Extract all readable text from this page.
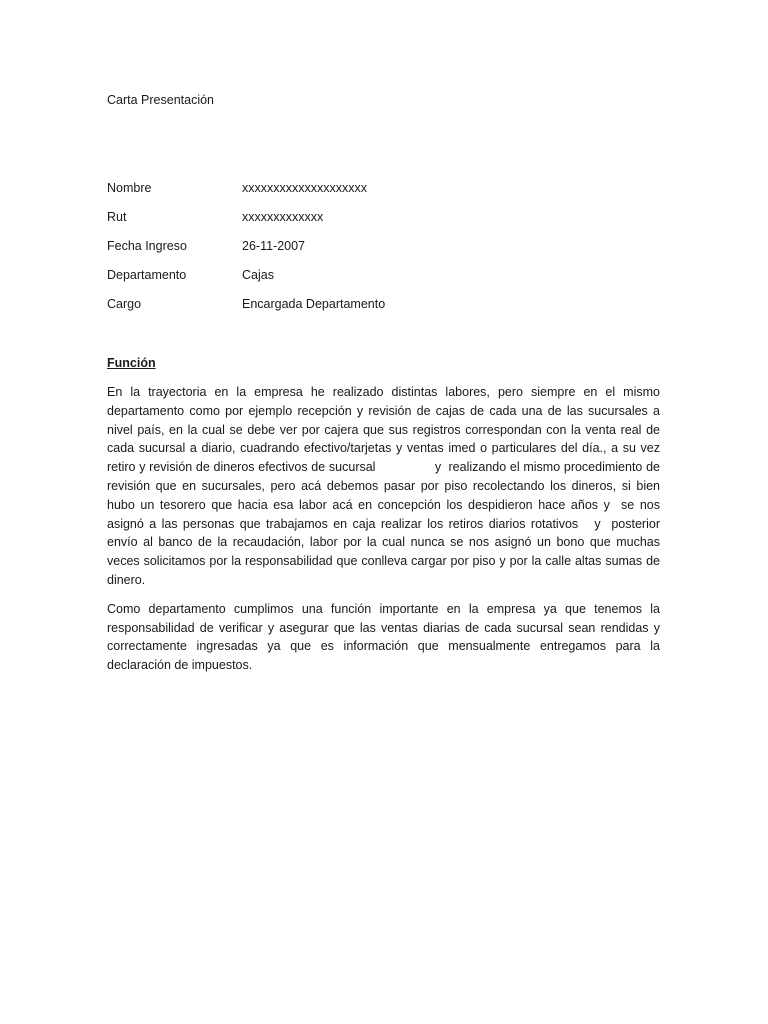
Carta Presentación
Nombre	xxxxxxxxxxxxxxxxxxxx
Rut	xxxxxxxxxxxxx
Fecha Ingreso	26-11-2007
Departamento	Cajas
Cargo	Encargada Departamento
Función

En la trayectoria en la empresa he realizado distintas labores, pero siempre en el mismo departamento como por ejemplo recepción y revisión de cajas de cada una de las sucursales a nivel país, en la cual se debe ver por cajera que sus registros correspondan con la venta real de cada sucursal a diario, cuadrando efectivo/tarjetas y ventas imed o particulares del día., a su vez retiro y revisión de dineros efectivos de sucursal                y  realizando el mismo procedimiento de revisión que en sucursales, pero acá debemos pasar por piso recolectando los dineros, si bien hubo un tesorero que hacia esa labor acá en concepción los despidieron hace años y  se nos asignó a las personas que trabajamos en caja realizar los retiros diarios rotativos   y  posterior envío al banco de la recaudación, labor por la cual nunca se nos asignó un bono que muchas veces solicitamos por la responsabilidad que conlleva cargar por piso y por la calle altas sumas de dinero.

Como departamento cumplimos una función importante en la empresa ya que tenemos la responsabilidad de verificar y asegurar que las ventas diarias de cada sucursal sean rendidas y correctamente ingresadas ya que es información que mensualmente entregamos para la declaración de impuestos.
